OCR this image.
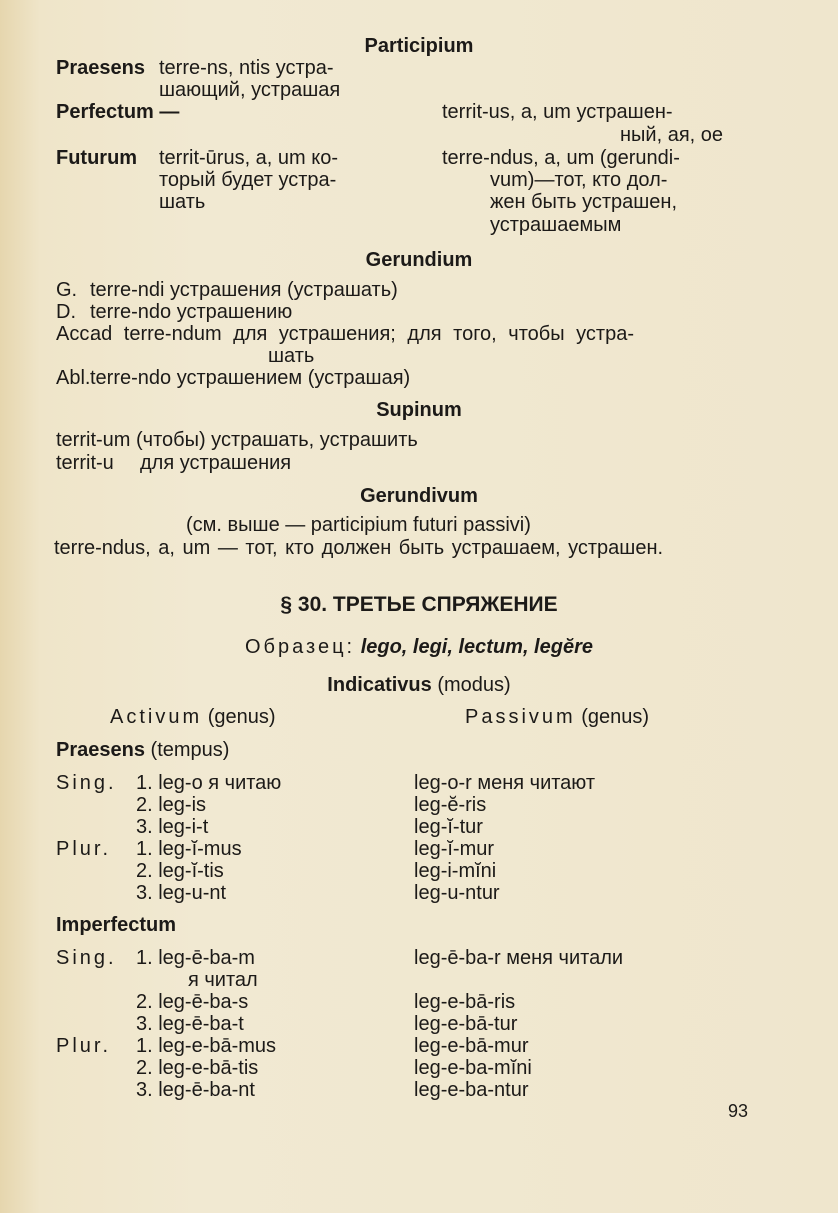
Participium
Praesens terre-ns, ntis устра-
шающий, устрашая
Perfectum —	territ-us, a, um устрашен-
ный, ая, ое
Futurum territ-ūrus, a, um ко-
торый будет устра-
шать
terre-ndus, a, um (gerundi-
vum)—тот, кто дол-
жен быть устрашен,
устрашаемым
Gerundium
G. terre-ndi устрашения (устрашать)
D. terre-ndo устрашению
Acc.
ad terre-ndum для устрашения; для того, чтобы устра-
шать
Abl. terre-ndo устрашением (устрашая)
Supinum
territ-um (чтобы) устрашать, устрашить
territ-u для устрашения
Gerundivum
(см. выше — participium futuri passivi)
terre-ndus, a, um — тот, кто должен быть устрашаем, устрашен.
§ 30. ТРЕТЬЕ СПРЯЖЕНИЕ
Образец: lego, legi, lectum, legĕre
Indicativus (modus)
Activum (genus)	Passivum (genus)
Praesens (tempus)
Sing.
Plur.
1. leg-o я читаю
2. leg-is
3. leg-i-t
1. leg-ĭ-mus
2. leg-ĭ-tis
3. leg-u-nt
leg-o-r меня читают
leg-ĕ-ris
leg-ĭ-tur
leg-ĭ-mur
leg-i-mĭni
leg-u-ntur
Imperfectum
Sing.
Plur.
1. leg-ē-ba-m
я читал
2. leg-ē-ba-s
3. leg-ē-ba-t
1. leg-e-bā-mus
2. leg-e-bā-tis
3. leg-ē-ba-nt
leg-ē-ba-r меня читали
leg-e-bā-ris
leg-e-bā-tur
leg-e-bā-mur
leg-e-ba-mĭni
leg-e-ba-ntur
93
